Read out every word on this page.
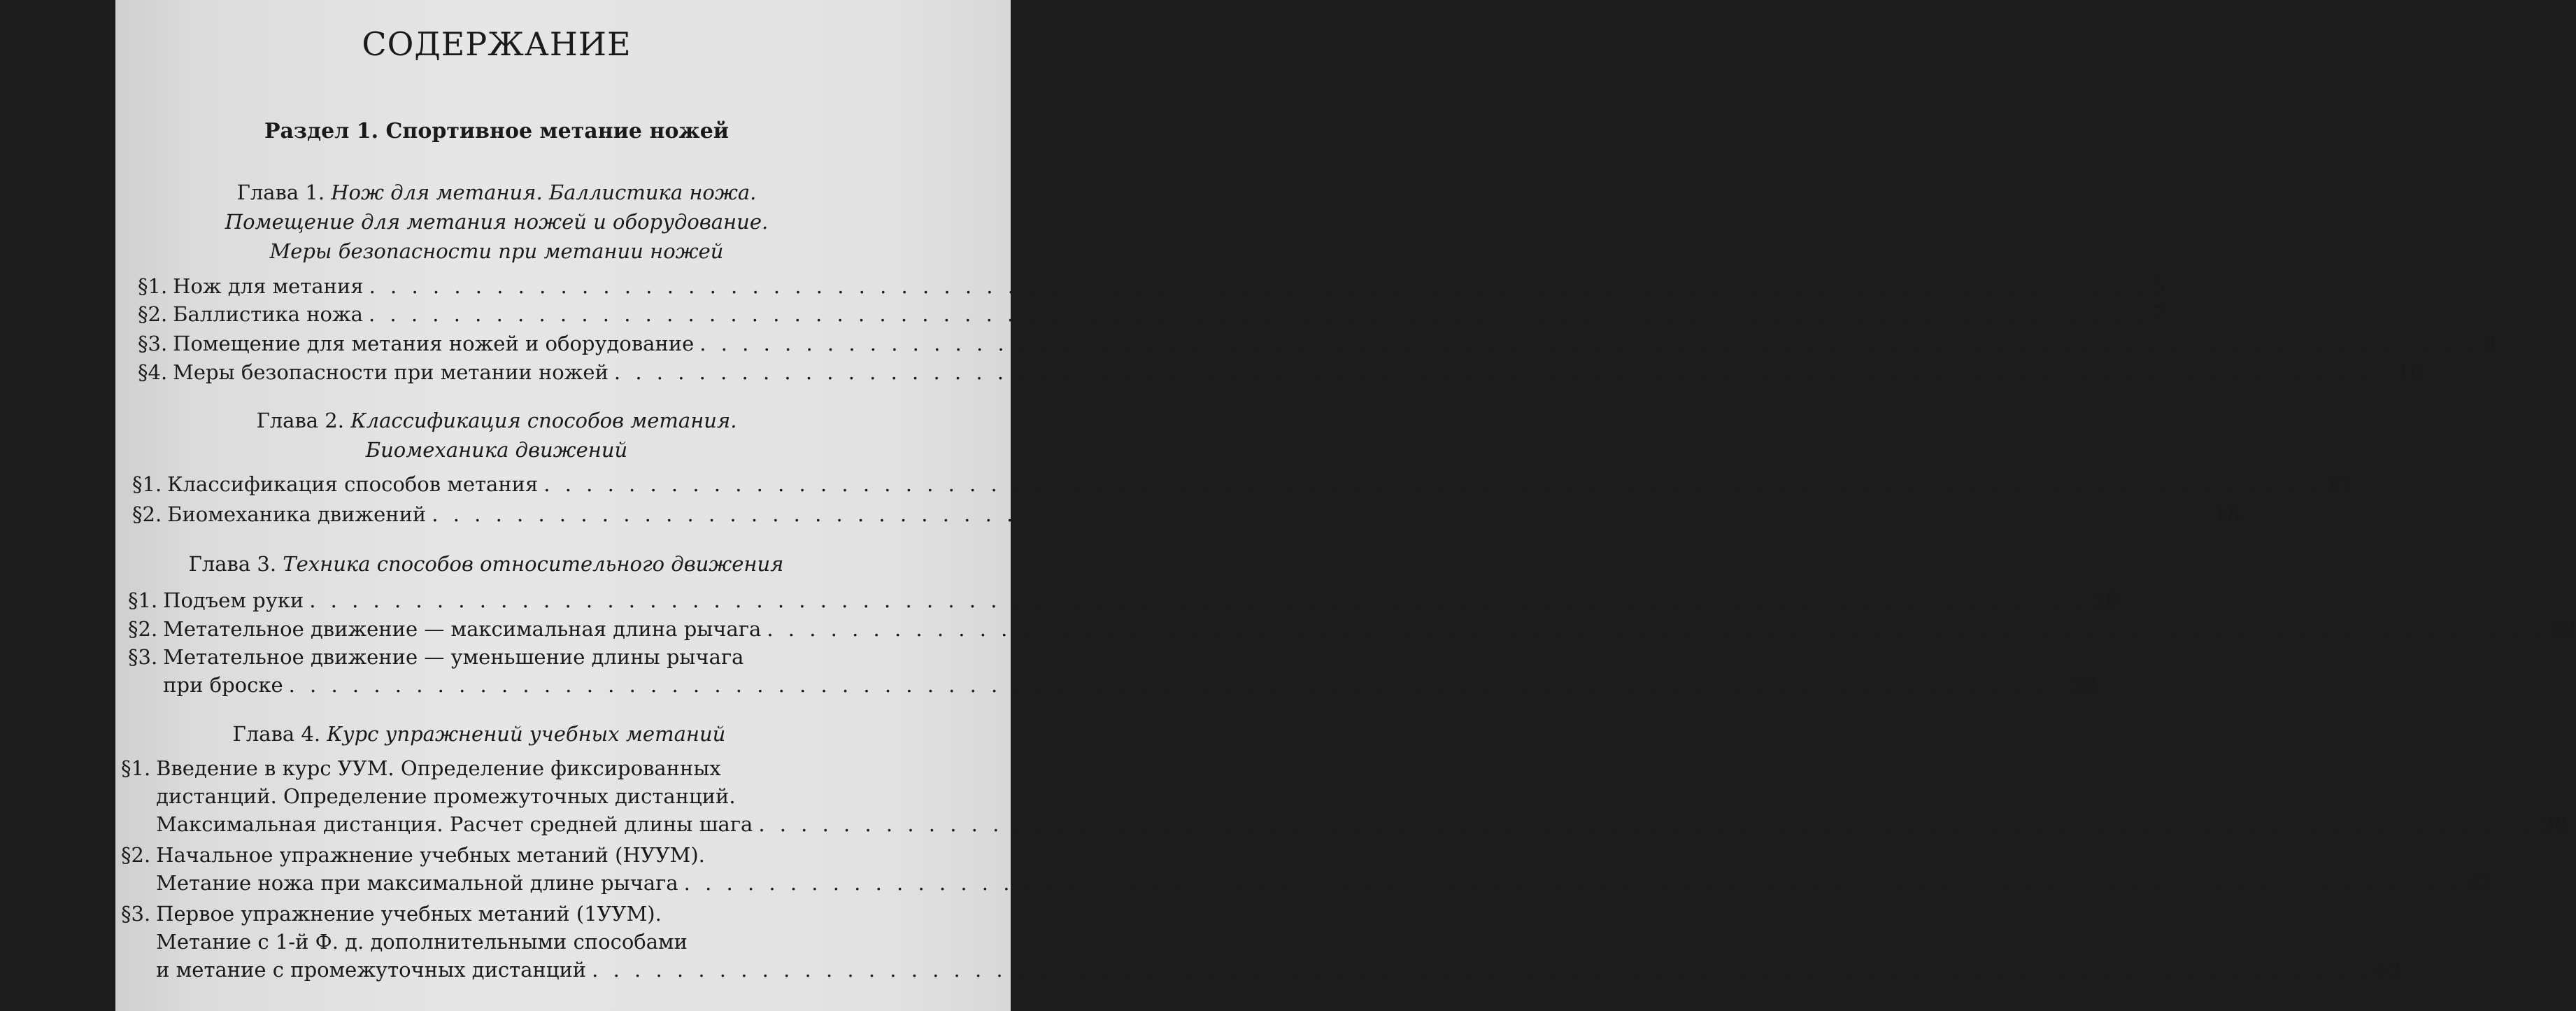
СОДЕРЖАНИЕ
Раздел 1. Спортивное метание ножей
Глава 1. Нож для метания. Баллистика ножа.
Помещение для метания ножей и оборудование.
Меры безопасности при метании ножей
§1. Нож для метания . . .	5
§2. Баллистика ножа . . .	7
§3. Помещение для метания ножей и оборудование . . .	9
§4. Меры безопасности при метании ножей . . .	16
Глава 2. Классификация способов метания.
Биомеханика движений
§1. Классификация способов метания . . .	17
§2. Биомеханика движений . . .	18
Глава 3. Техника способов относительного движения
§1. Подъем руки . . .	28
§2. Метательное движение — максимальная длина рычага . . .	28
§3. Метательное движение — уменьшение длины рычага
при броске . . .	33
Глава 4. Курс упражнений учебных метаний
§1. Введение в курс УУМ. Определение фиксированных
дистанций. Определение промежуточных дистанций.
Максимальная дистанция. Расчет средней длины шага . . .	38
§2. Начальное упражнение учебных метаний (НУУМ).
Метание ножа при максимальной длине рычага . . .	42
§3. Первое упражнение учебных метаний (1УУМ).
Метание с 1-й Ф. д. дополнительными способами
и метание с промежуточных дистанций . . .	43
